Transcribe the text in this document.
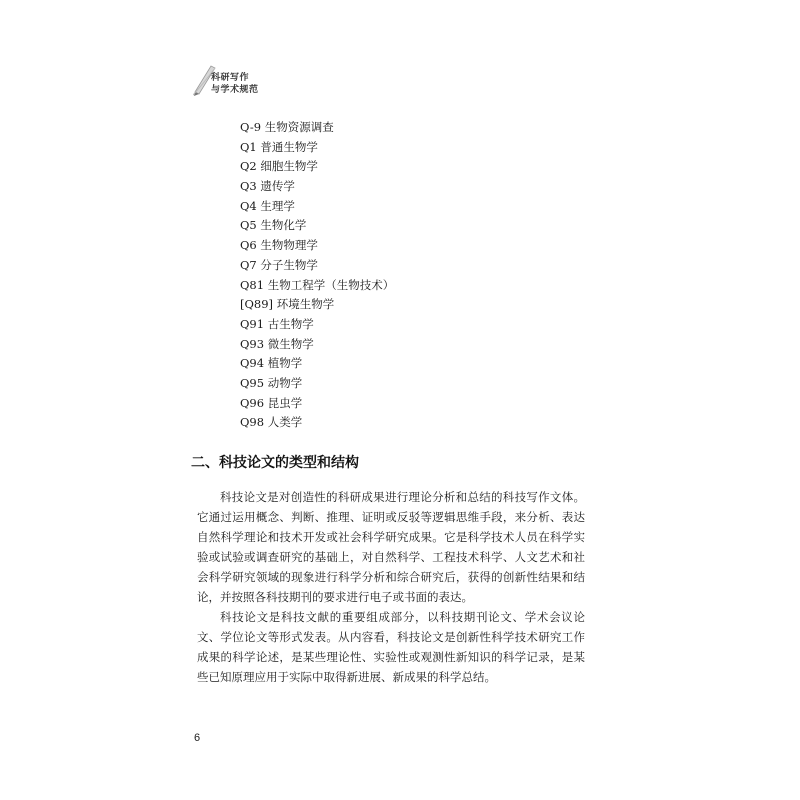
科研写作
与学术规范
Q-9 生物资源调查
Q1 普通生物学
Q2 细胞生物学
Q3 遗传学
Q4 生理学
Q5 生物化学
Q6 生物物理学
Q7 分子生物学
Q81 生物工程学（生物技术）
[Q89] 环境生物学
Q91 古生物学
Q93 微生物学
Q94 植物学
Q95 动物学
Q96 昆虫学
Q98 人类学
二、科技论文的类型和结构

科技论文是对创造性的科研成果进行理论分析和总结的科技写作文体。它通过运用概念、判断、推理、证明或反驳等逻辑思维手段，来分析、表达自然科学理论和技术开发或社会科学研究成果。它是科学技术人员在科学实验或试验或调查研究的基础上，对自然科学、工程技术科学、人文艺术和社会科学研究领域的现象进行科学分析和综合研究后，获得的创新性结果和结论，并按照各科技期刊的要求进行电子或书面的表达。

科技论文是科技文献的重要组成部分，以科技期刊论文、学术会议论文、学位论文等形式发表。从内容看，科技论文是创新性科学技术研究工作成果的科学论述，是某些理论性、实验性或观测性新知识的科学记录，是某些已知原理应用于实际中取得新进展、新成果的科学总结。

6
